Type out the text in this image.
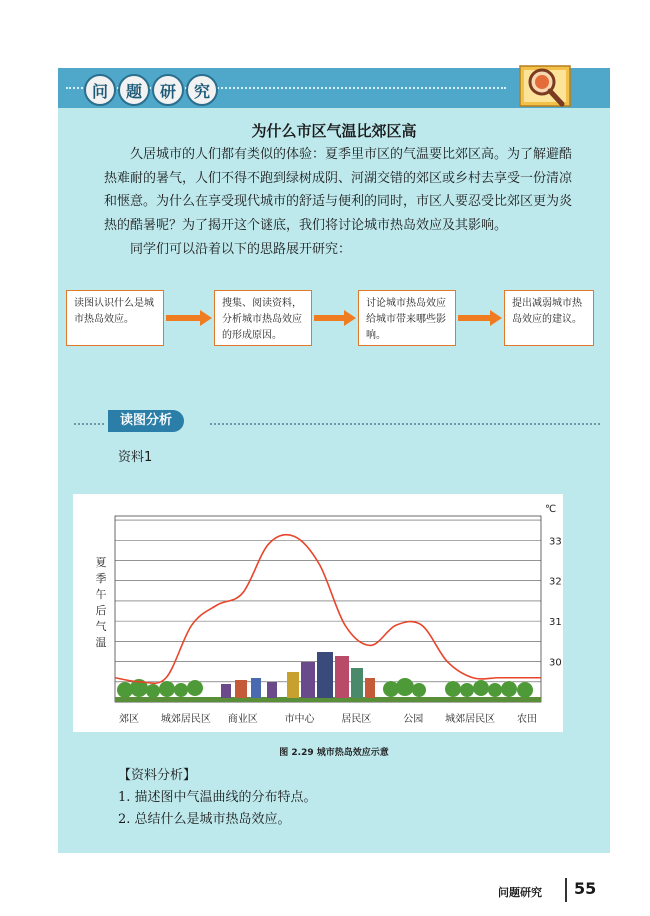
问	题	研	究
为什么市区气温比郊区高

久居城市的人们都有类似的体验：夏季里市区的气温要比郊区高。为了解避酷热难耐的暑气，人们不得不跑到绿树成阴、河湖交错的郊区或乡村去享受一份清凉和惬意。为什么在享受现代城市的舒适与便利的同时，市区人要忍受比郊区更为炎热的酷暑呢？为了揭开这个谜底，我们将讨论城市热岛效应及其影响。

同学们可以沿着以下的思路展开研究：

读图认识什么是城市热岛效应。
搜集、阅读资料，分析城市热岛效应的形成原因。
讨论城市热岛效应给城市带来哪些影响。
提出减弱城市热岛效应的建议。
读图分析
资料1
℃
33
32
31
30
夏
季
午
后
气
温
郊区 城郊居民区 商业区	市中心	居民区	公园 城郊居民区 农田
图 2.29 城市热岛效应示意
【资料分析】
1. 描述图中气温曲线的分布特点。
2. 总结什么是城市热岛效应。
问题研究 55
